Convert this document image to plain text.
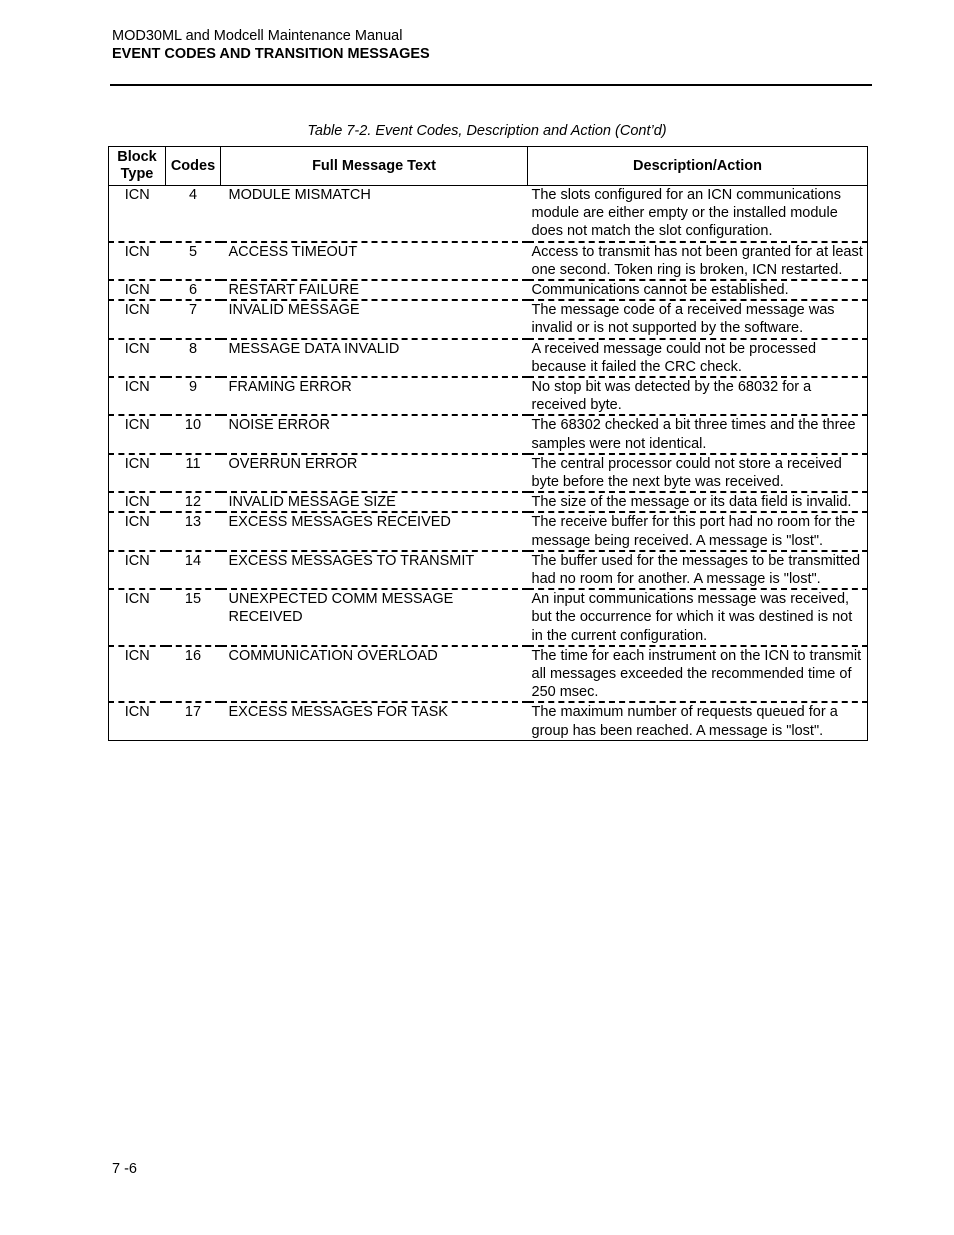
MOD30ML and Modcell Maintenance Manual
EVENT CODES AND TRANSITION MESSAGES
Table 7-2. Event Codes, Description and Action (Cont’d)
Block Type	Codes	Full Message Text	Description/Action
ICN	4	MODULE MISMATCH	The slots configured for an ICN communications module are either empty or the installed module does not match the slot configuration.
ICN	5	ACCESS TIMEOUT	Access to transmit has not been granted for at least one second. Token ring is broken, ICN restarted.
ICN	6	RESTART FAILURE	Communications cannot be established.
ICN	7	INVALID MESSAGE	The message code of a received message was invalid or is not supported by the software.
ICN	8	MESSAGE DATA INVALID	A received message could not be processed because it failed the CRC check.
ICN	9	FRAMING ERROR	No stop bit was detected by the 68032 for a received byte.
ICN	10	NOISE ERROR	The 68302 checked a bit three times and the three samples were not identical.
ICN	11	OVERRUN ERROR	The central processor could not store a received byte before the next byte was received.
ICN	12	INVALID MESSAGE SIZE	The size of the message or its data field is invalid.
ICN	13	EXCESS MESSAGES RECEIVED	The receive buffer for this port had no room for the message being received. A message is "lost".
ICN	14	EXCESS MESSAGES TO TRANSMIT	The buffer used for the messages to be transmitted had no room for another. A message is "lost".
ICN	15	UNEXPECTED COMM MESSAGE RECEIVED	An input communications message was received, but the occurrence for which it was destined is not in the current configuration.
ICN	16	COMMUNICATION OVERLOAD	The time for each instrument on the ICN to transmit all messages exceeded the recommended time of 250 msec.
ICN	17	EXCESS MESSAGES FOR TASK	The maximum number of requests queued for a group has been reached. A message is "lost".
7 -6
